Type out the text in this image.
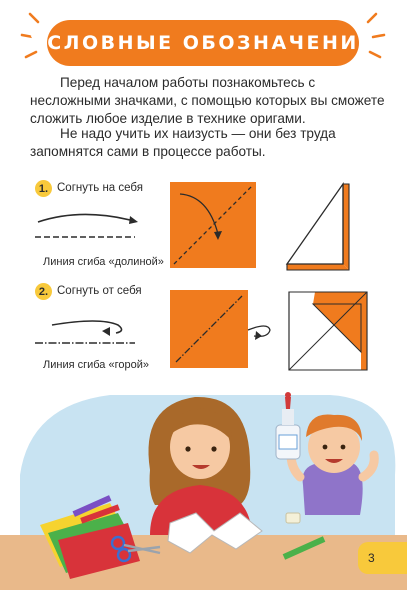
УСЛОВНЫЕ ОБОЗНАЧЕНИЯ

Перед началом работы познакомьтесь с несложными значками, с помощью которых вы сможете сложить любое изделие в технике оригами.

Не надо учить их наизусть — они без труда запомнятся сами в процессе работы.

1. Согнуть на себя
Линия сгиба «долиной»
2. Согнуть от себя
Линия сгиба «горой»
3
